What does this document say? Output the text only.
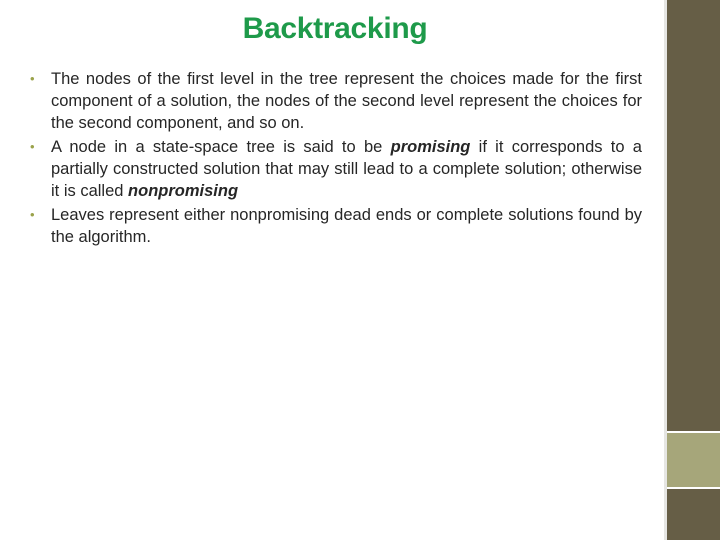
Backtracking
• The nodes of the first level in the tree represent the choices made for the first component of a solution, the nodes of the second level represent the choices for the second component, and so on.
• A node in a state-space tree is said to be promising if it corresponds to a partially constructed solution that may still lead to a complete solution; otherwise it is called nonpromising
• Leaves represent either nonpromising dead ends or complete solutions found by the algorithm.
